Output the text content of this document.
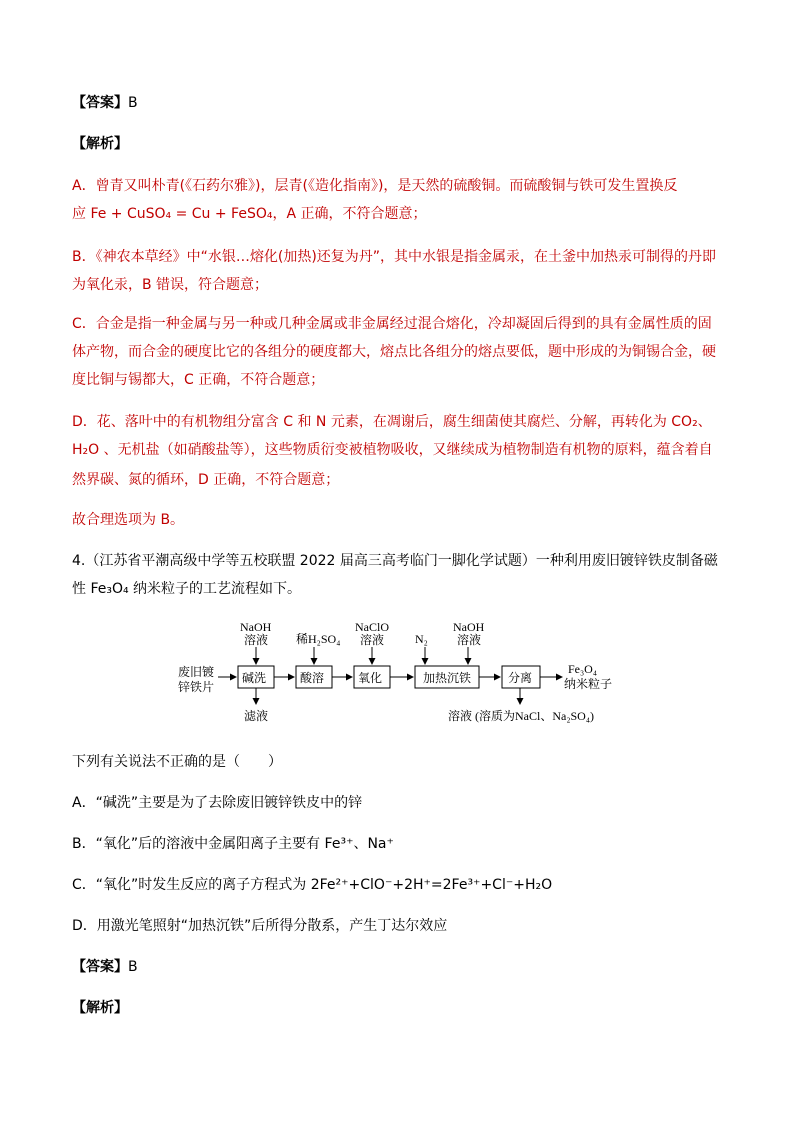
【答案】B
【解析】
A．曾青又叫朴青(《石药尔雅》)，层青(《造化指南》)，是天然的硫酸铜。而硫酸铜与铁可发生置换反
应 Fe + CuSO₄ = Cu + FeSO₄，A 正确，不符合题意；
B．《神农本草经》中“水银…熔化(加热)还复为丹”，其中水银是指金属汞，在土釜中加热汞可制得的丹即
为氧化汞，B 错误，符合题意；
C．合金是指一种金属与另一种或几种金属或非金属经过混合熔化，冷却凝固后得到的具有金属性质的固
体产物，而合金的硬度比它的各组分的硬度都大，熔点比各组分的熔点要低，题中形成的为铜锡合金，硬
度比铜与锡都大，C 正确，不符合题意；
D．花、落叶中的有机物组分富含 C 和 N 元素，在凋谢后，腐生细菌使其腐烂、分解，再转化为 CO₂、
H₂O 、无机盐（如硝酸盐等），这些物质衍变被植物吸收，又继续成为植物制造有机物的原料，蕴含着自
然界碳、氮的循环，D 正确，不符合题意；
故合理选项为 B。
4.（江苏省平潮高级中学等五校联盟 2022 届高三高考临门一脚化学试题）一种利用废旧镀锌铁皮制备磁
性 Fe₃O₄ 纳米粒子的工艺流程如下。
废旧镀
锌铁片
碱洗	酸溶	氧化	加热沉铁	分离
NaOH
溶液 稀H₂SO₄
NaClO
溶液	N₂
NaOH
溶液
滤液	溶液 (溶质为NaCl、Na₂SO₄)
Fe₃O₄
纳米粒子
下列有关说法不正确的是（　　）
A．“碱洗”主要是为了去除废旧镀锌铁皮中的锌
B．“氧化”后的溶液中金属阳离子主要有 Fe³⁺、Na⁺
C．“氧化”时发生反应的离子方程式为 2Fe²⁺+ClO⁻+2H⁺=2Fe³⁺+Cl⁻+H₂O
D．用激光笔照射“加热沉铁”后所得分散系，产生丁达尔效应
【答案】B
【解析】
